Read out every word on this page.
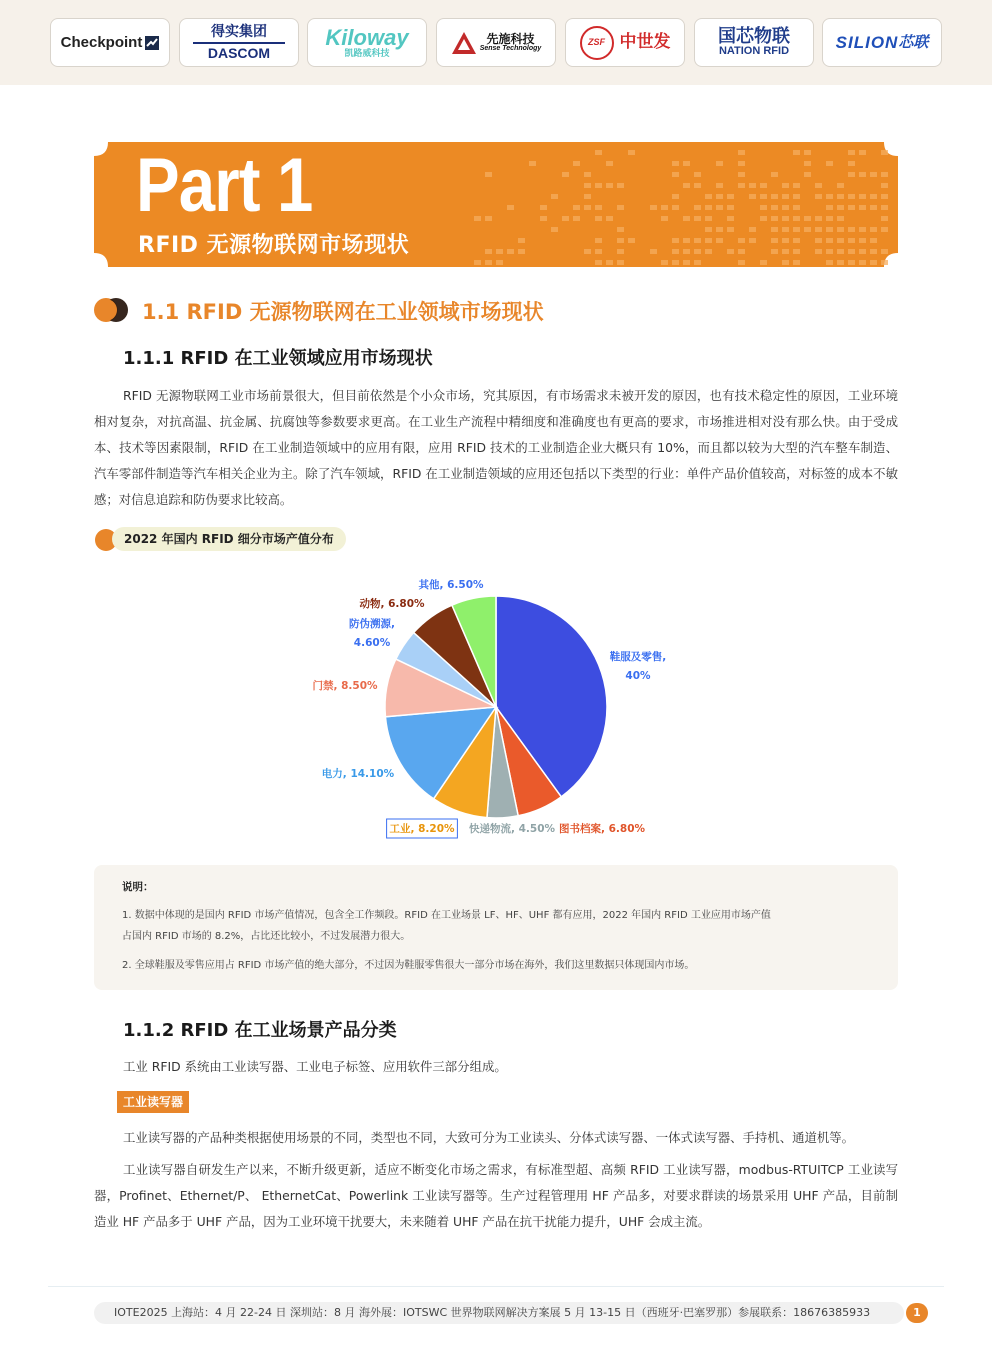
Checkpoint
得实集团
DASCOM
Kiloway
凯路威科技
先施科技
Sense Technology
ZSF 中世发	国芯物联
NATION RFID	SILION 芯联
Part 1
RFID 无源物联网市场现状
1.1 RFID 无源物联网在工业领域市场现状
1.1.1 RFID 在工业领域应用市场现状
RFID 无源物联网工业市场前景很大，但目前依然是个小众市场，究其原因，有市场需求未被开发的原因，也有技术稳定性的原因，工业环境相对复杂，对抗高温、抗金属、抗腐蚀等参数要求更高。在工业生产流程中精细度和准确度也有更高的要求，市场推进相对没有那么快。由于受成本、技术等因素限制，RFID 在工业制造领域中的应用有限，应用 RFID 技术的工业制造企业大概只有 10%，而且都以较为大型的汽车整车制造、汽车零部件制造等汽车相关企业为主。除了汽车领域，RFID 在工业制造领域的应用还包括以下类型的行业：单件产品价值较高，对标签的成本不敏感；对信息追踪和防伪要求比较高。
2022 年国内 RFID 细分市场产值分布
鞋服及零售,
40%
图书档案, 6.80%
快递物流, 4.50%
工业, 8.20%
电力, 14.10%
门禁, 8.50%
防伪溯源,
4.60%
动物, 6.80%
其他, 6.50%
说明：
1. 数据中体现的是国内 RFID 市场产值情况，包含全工作频段。RFID 在工业场景 LF、HF、UHF 都有应用，2022 年国内 RFID 工业应用市场产值
占国内 RFID 市场的 8.2%，占比还比较小，不过发展潜力很大。
2. 全球鞋服及零售应用占 RFID 市场产值的绝大部分，不过因为鞋服零售很大一部分市场在海外，我们这里数据只体现国内市场。
1.1.2 RFID 在工业场景产品分类
工业 RFID 系统由工业读写器、工业电子标签、应用软件三部分组成。
工业读写器
工业读写器的产品种类根据使用场景的不同，类型也不同，大致可分为工业读头、分体式读写器、一体式读写器、手持机、通道机等。
工业读写器自研发生产以来，不断升级更新，适应不断变化市场之需求，有标准型超、高频 RFID 工业读写器，modbus-RTUITCP 工业读写器，Profinet、Ethernet/P、 EthernetCat、Powerlink 工业读写器等。生产过程管理用 HF 产品多，对要求群读的场景采用 UHF 产品，目前制造业 HF 产品多于 UHF 产品，因为工业环境干扰要大，未来随着 UHF 产品在抗干扰能力提升，UHF 会成主流。
IOTE2025 上海站：4 月 22-24 日 深圳站：8 月 海外展：IOTSWC 世界物联网解决方案展 5 月 13-15 日（西班牙·巴塞罗那）参展联系：18676385933	1
